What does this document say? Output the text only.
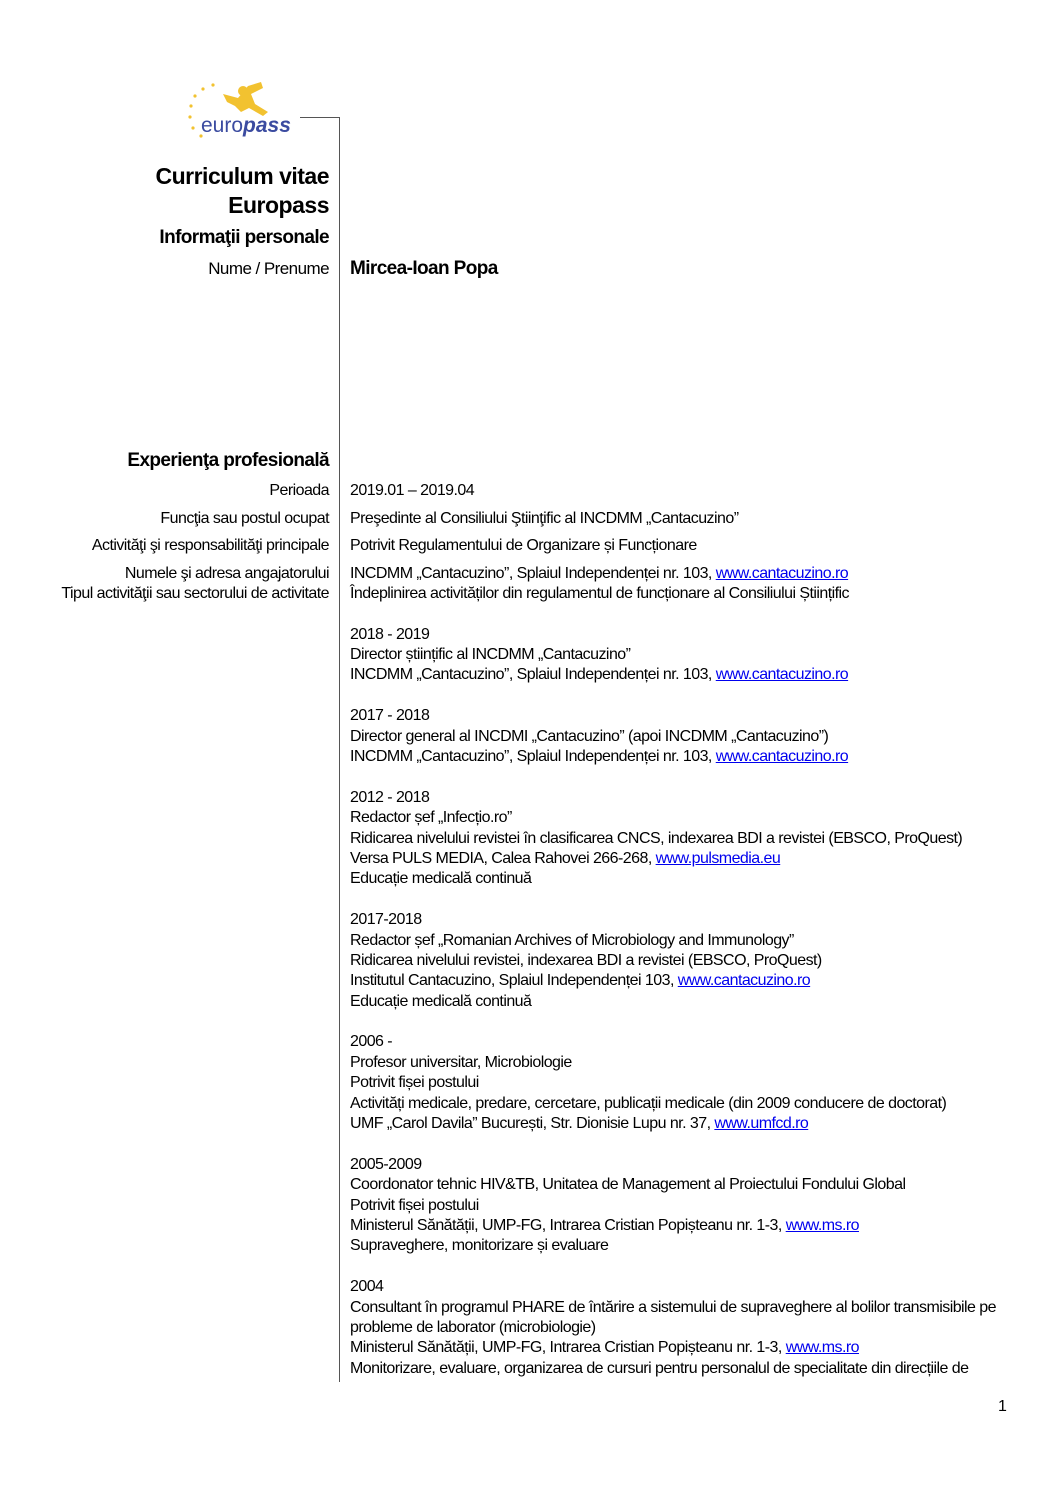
europass
Curriculum vitae
Europass
Informaţii personale
Nume / Prenume Mircea-Ioan Popa
Experienţa profesională
Perioada
Funcţia sau postul ocupat
Activităţi şi responsabilităţi principale
Numele şi adresa angajatorului
Tipul activităţii sau sectorului de activitate
2019.01 – 2019.04
Preşedinte al Consiliului Ştiinţific al INCDMM „Cantacuzino”
Potrivit Regulamentului de Organizare și Funcționare
INCDMM „Cantacuzino”, Splaiul Independenței nr. 103, www.cantacuzino.ro
Îndeplinirea activităților din regulamentul de funcționare al Consiliului Științific
2018 - 2019
Director științific al INCDMM „Cantacuzino”
INCDMM „Cantacuzino”, Splaiul Independenței nr. 103, www.cantacuzino.ro
2017 - 2018
Director general al INCDMI „Cantacuzino” (apoi INCDMM „Cantacuzino”)
INCDMM „Cantacuzino”, Splaiul Independenței nr. 103, www.cantacuzino.ro
2012 - 2018
Redactor șef „Infecțio.ro”
Ridicarea nivelului revistei în clasificarea CNCS, indexarea BDI a revistei (EBSCO, ProQuest)
Versa PULS MEDIA, Calea Rahovei 266-268, www.pulsmedia.eu
Educație medicală continuă
2017-2018
Redactor șef „Romanian Archives of Microbiology and Immunology”
Ridicarea nivelului revistei, indexarea BDI a revistei (EBSCO, ProQuest)
Institutul Cantacuzino, Splaiul Independenței 103, www.cantacuzino.ro
Educație medicală continuă
2006 -
Profesor universitar, Microbiologie
Potrivit fișei postului
Activități medicale, predare, cercetare, publicații medicale (din 2009 conducere de doctorat)
UMF „Carol Davila” București, Str. Dionisie Lupu nr. 37, www.umfcd.ro
2005-2009
Coordonator tehnic HIV&TB, Unitatea de Management al Proiectului Fondului Global
Potrivit fișei postului
Ministerul Sănătății, UMP-FG, Intrarea Cristian Popișteanu nr. 1-3, www.ms.ro
Supraveghere, monitorizare și evaluare
2004
Consultant în programul PHARE de întărire a sistemului de supraveghere al bolilor transmisibile pe
probleme de laborator (microbiologie)
Ministerul Sănătății, UMP-FG, Intrarea Cristian Popișteanu nr. 1-3, www.ms.ro
Monitorizare, evaluare, organizarea de cursuri pentru personalul de specialitate din direcțiile de
1
